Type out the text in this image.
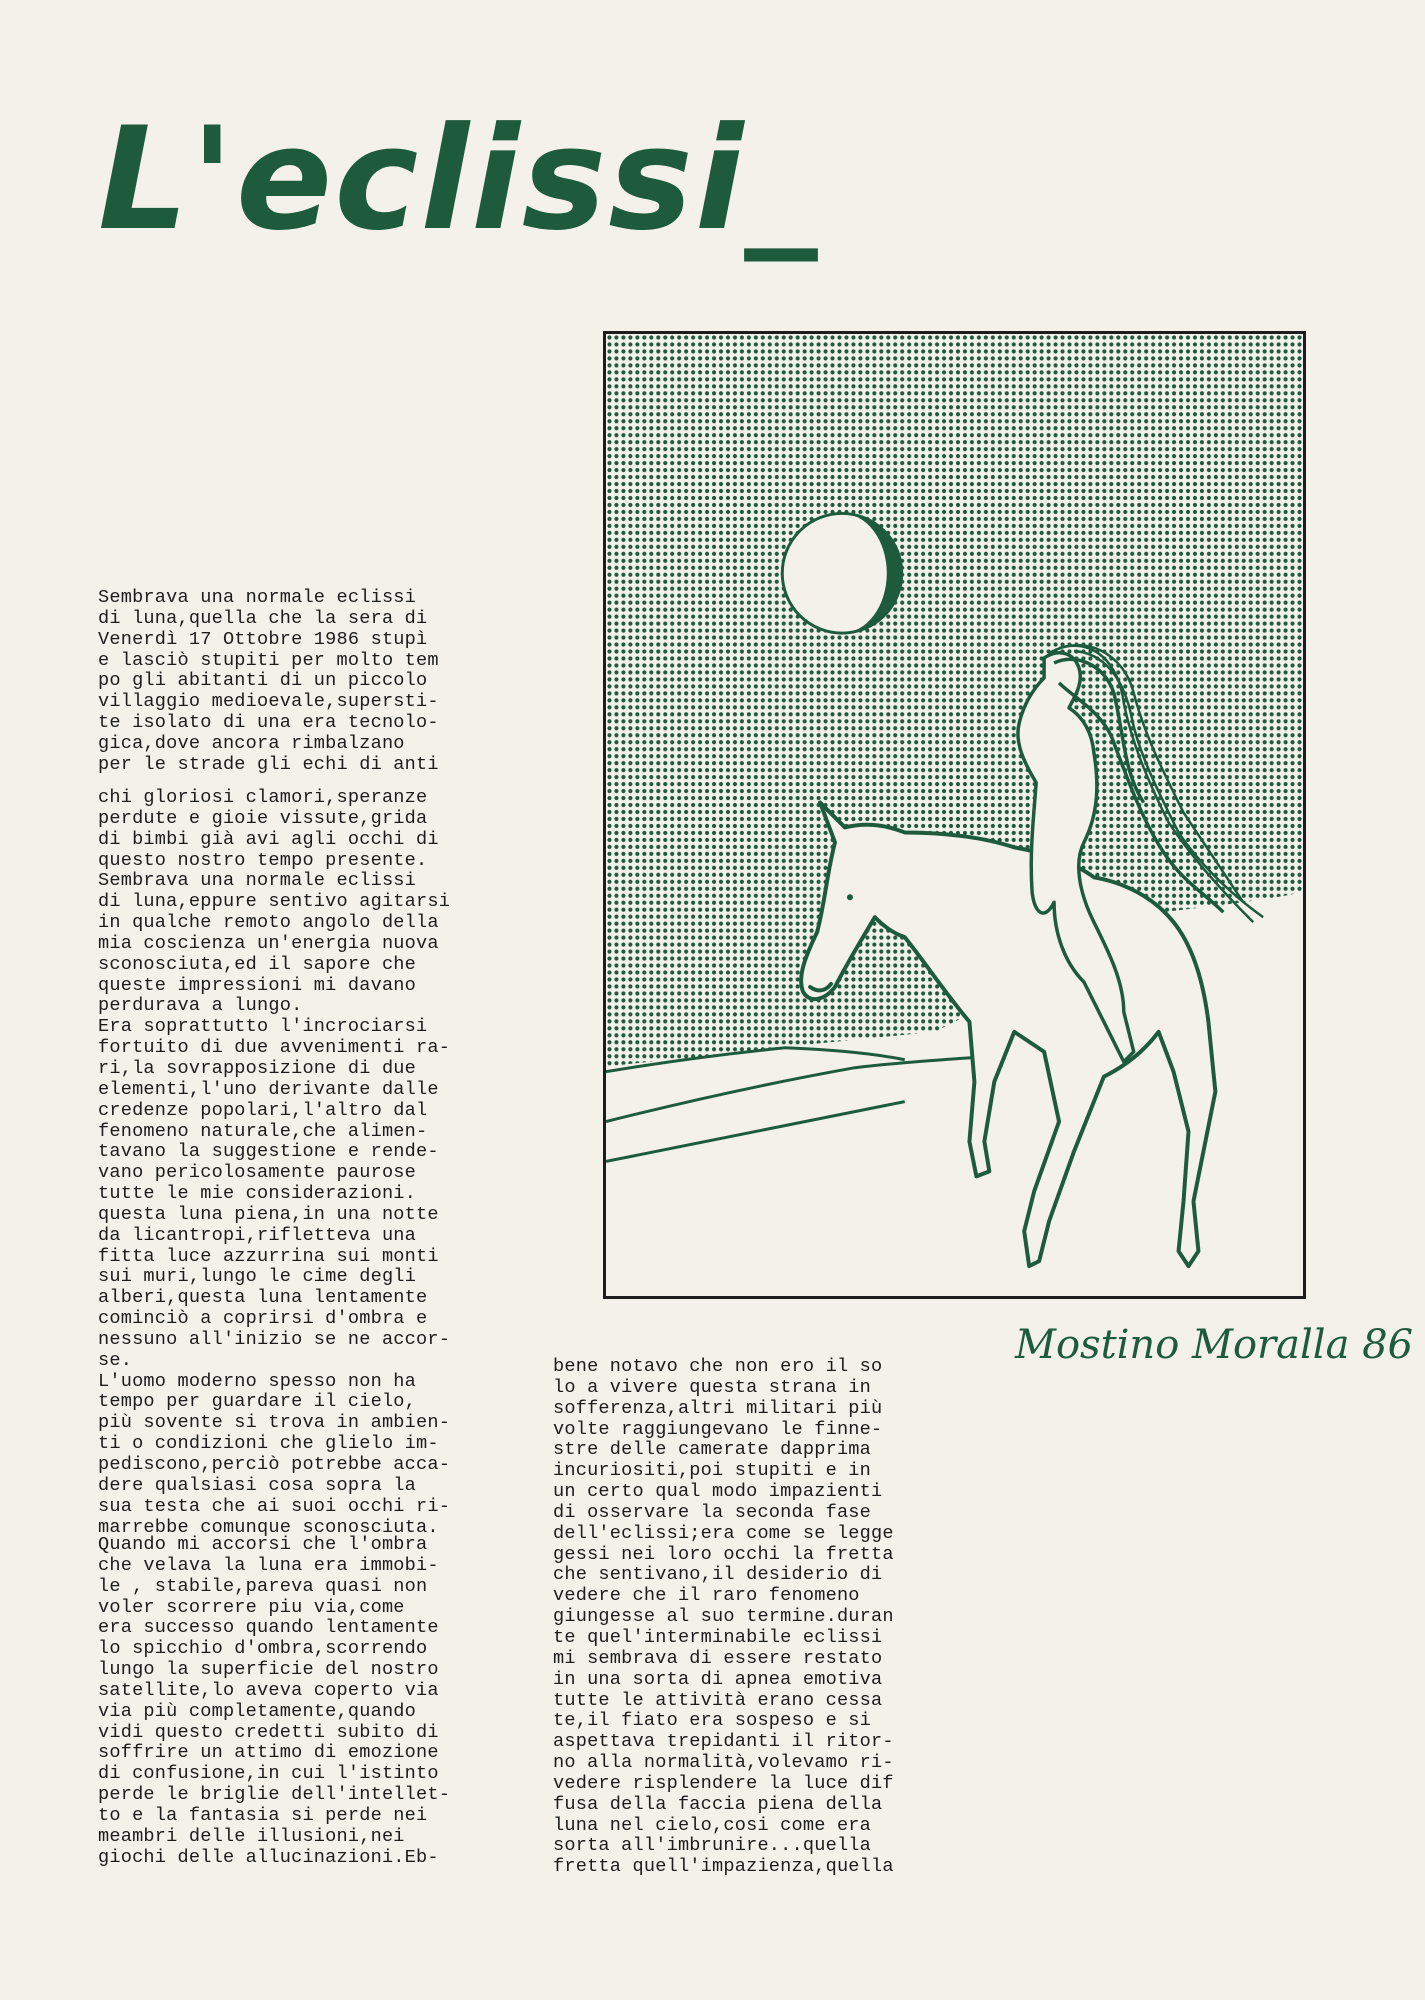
L'eclissi_
Sembrava una normale eclissi
di luna,quella che la sera di
Venerdì 17 Ottobre 1986 stupì
e lasciò stupiti per molto tem
po gli abitanti di un piccolo
villaggio medioevale,supersti-
te isolato di una era tecnolo-
gica,dove ancora rimbalzano
per le strade gli echi di anti
chi gloriosi clamori,speranze
perdute e gioie vissute,grida
di bimbi già avi agli occhi di
questo nostro tempo presente.
Sembrava una normale eclissi
di luna,eppure sentivo agitarsi
in qualche remoto angolo della
mia coscienza un'energia nuova
sconosciuta,ed il sapore che
queste impressioni mi davano
perdurava a lungo.
Era soprattutto l'incrociarsi
fortuito di due avvenimenti ra-
ri,la sovrapposizione di due
elementi,l'uno derivante dalle
credenze popolari,l'altro dal
fenomeno naturale,che alimen-
tavano la suggestione e rende-
vano pericolosamente paurose
tutte le mie considerazioni.
questa luna piena,in una notte
da licantropi,rifletteva una
fitta luce azzurrina sui monti
sui muri,lungo le cime degli
alberi,questa luna lentamente
cominciò a coprirsi d'ombra e
nessuno all'inizio se ne accor-
se.
L'uomo moderno spesso non ha
tempo per guardare il cielo,
più sovente si trova in ambien-
ti o condizioni che glielo im-
pediscono,perciò potrebbe acca-
dere qualsiasi cosa sopra la
sua testa che ai suoi occhi ri-
marrebbe comunque sconosciuta.
Quando mi accorsi che l'ombra
che velava la luna era immobi-
le , stabile,pareva quasi non
voler scorrere piu via,come
era successo quando lentamente
lo spicchio d'ombra,scorrendo
lungo la superficie del nostro
satellite,lo aveva coperto via
via più completamente,quando
vidi questo credetti subito di
soffrire un attimo di emozione
di confusione,in cui l'istinto
perde le briglie dell'intellet-
to e la fantasia si perde nei
meambri delle illusioni,nei
giochi delle allucinazioni.Eb-
bene notavo che non ero il so
lo a vivere questa strana in
sofferenza,altri militari più
volte raggiungevano le finne-
stre delle camerate dapprima
incuriositi,poi stupiti e in
un certo qual modo impazienti
di osservare la seconda fase
dell'eclissi;era come se legge
gessi nei loro occhi la fretta
che sentivano,il desiderio di
vedere che il raro fenomeno
giungesse al suo termine.duran
te quel'interminabile eclissi
mi sembrava di essere restato
in una sorta di apnea emotiva
tutte le attività erano cessa
te,il fiato era sospeso e si
aspettava trepidanti il ritor-
no alla normalità,volevamo ri-
vedere risplendere la luce dif
fusa della faccia piena della
luna nel cielo,cosi come era
sorta all'imbrunire...quella
fretta quell'impazienza,quella
Mostino Moralla 86
